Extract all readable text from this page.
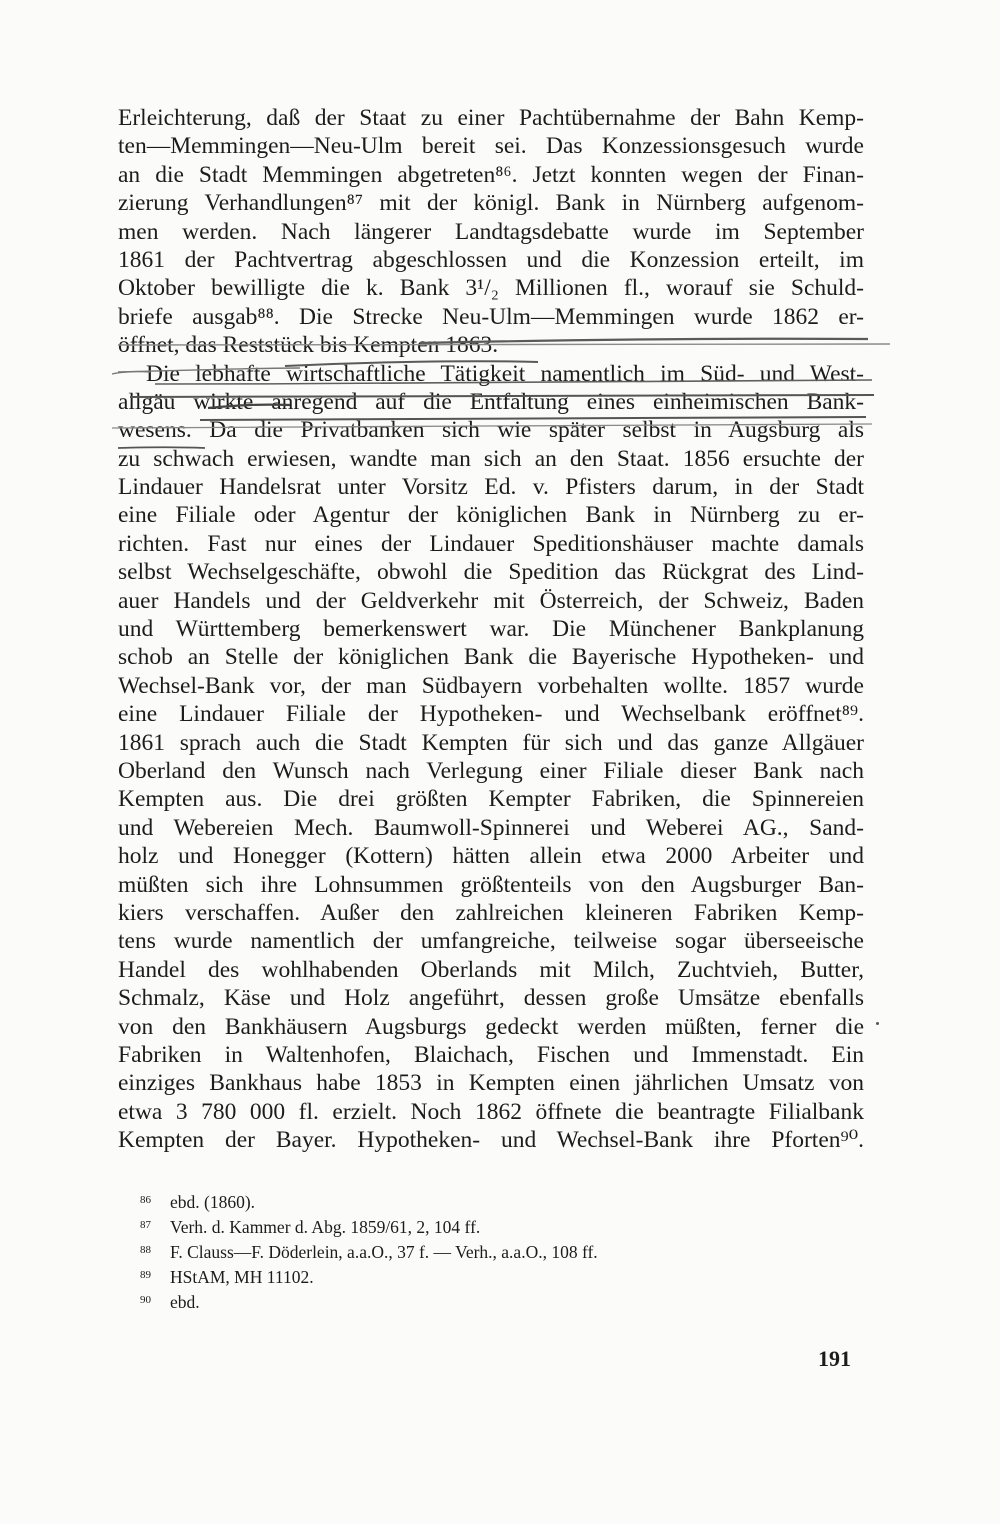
Erleichterung, daß der Staat zu einer Pachtübernahme der Bahn Kemp-
ten—Memmingen—Neu-Ulm bereit sei. Das Konzessionsgesuch wurde
an die Stadt Memmingen abgetreten⁸⁶. Jetzt konnten wegen der Finan-
zierung Verhandlungen⁸⁷ mit der königl. Bank in Nürnberg aufgenom-
men werden. Nach längerer Landtagsdebatte wurde im September
1861 der Pachtvertrag abgeschlossen und die Konzession erteilt, im
Oktober bewilligte die k. Bank 3¹/₂ Millionen fl., worauf sie Schuld-
briefe ausgab⁸⁸. Die Strecke Neu-Ulm—Memmingen wurde 1862 er-
öffnet, das Reststück bis Kempten 1863.
Die lebhafte wirtschaftliche Tätigkeit namentlich im Süd- und West-
allgäu wirkte anregend auf die Entfaltung eines einheimischen Bank-
wesens. Da die Privatbanken sich wie später selbst in Augsburg als
zu schwach erwiesen, wandte man sich an den Staat. 1856 ersuchte der
Lindauer Handelsrat unter Vorsitz Ed. v. Pfisters darum, in der Stadt
eine Filiale oder Agentur der königlichen Bank in Nürnberg zu er-
richten. Fast nur eines der Lindauer Speditionshäuser machte damals
selbst Wechselgeschäfte, obwohl die Spedition das Rückgrat des Lind-
auer Handels und der Geldverkehr mit Österreich, der Schweiz, Baden
und Württemberg bemerkenswert war. Die Münchener Bankplanung
schob an Stelle der königlichen Bank die Bayerische Hypotheken- und
Wechsel-Bank vor, der man Südbayern vorbehalten wollte. 1857 wurde
eine Lindauer Filiale der Hypotheken- und Wechselbank eröffnet⁸⁹.
1861 sprach auch die Stadt Kempten für sich und das ganze Allgäuer
Oberland den Wunsch nach Verlegung einer Filiale dieser Bank nach
Kempten aus. Die drei größten Kempter Fabriken, die Spinnereien
und Webereien Mech. Baumwoll-Spinnerei und Weberei AG., Sand-
holz und Honegger (Kottern) hätten allein etwa 2000 Arbeiter und
müßten sich ihre Lohnsummen größtenteils von den Augsburger Ban-
kiers verschaffen. Außer den zahlreichen kleineren Fabriken Kemp-
tens wurde namentlich der umfangreiche, teilweise sogar überseeische
Handel des wohlhabenden Oberlands mit Milch, Zuchtvieh, Butter,
Schmalz, Käse und Holz angeführt, dessen große Umsätze ebenfalls
von den Bankhäusern Augsburgs gedeckt werden müßten, ferner die
Fabriken in Waltenhofen, Blaichach, Fischen und Immenstadt. Ein
einziges Bankhaus habe 1853 in Kempten einen jährlichen Umsatz von
etwa 3 780 000 fl. erzielt. Noch 1862 öffnete die beantragte Filialbank
Kempten der Bayer. Hypotheken- und Wechsel-Bank ihre Pforten⁹⁰.
86 ebd. (1860).
87 Verh. d. Kammer d. Abg. 1859/61, 2, 104 ff.
88 F. Clauss—F. Döderlein, a.a.O., 37 f. — Verh., a.a.O., 108 ff.
89 HStAM, MH 11102.
90 ebd.
191
